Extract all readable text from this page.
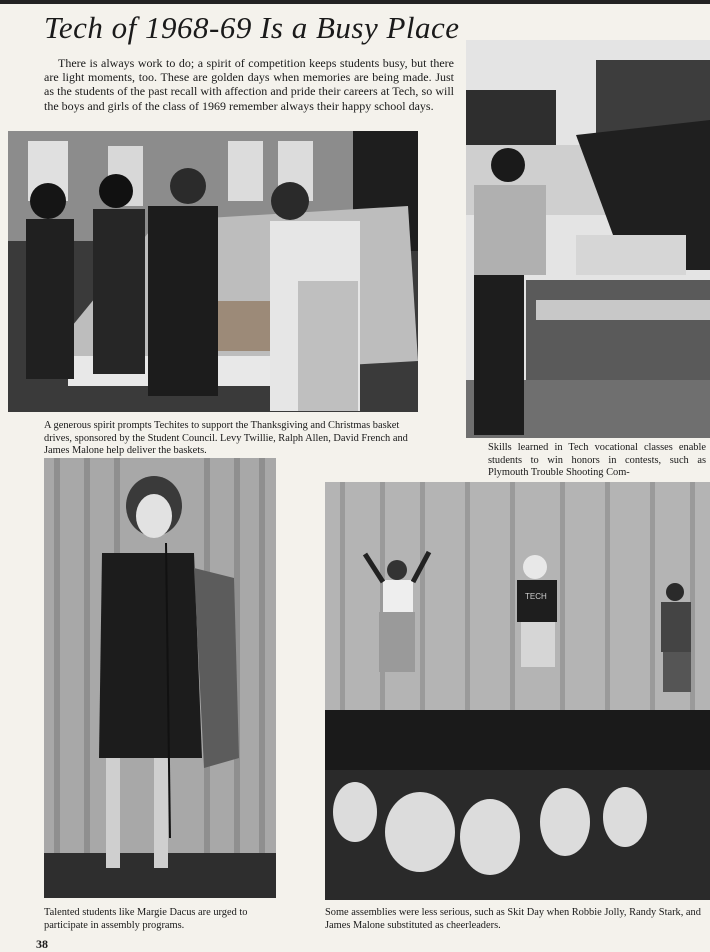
Tech of 1968-69 Is a Busy Place
There is always work to do; a spirit of competition keeps students busy, but there are light moments, too. These are golden days when memories are being made. Just as the students of the past recall with affection and pride their careers at Tech, so will the boys and girls of the class of 1969 remember always their happy school days.
TECH
A generous spirit prompts Techites to support the Thanksgiving and Christmas basket drives, sponsored by the Student Council. Levy Twillie, Ralph Allen, David French and James Malone help deliver the baskets.	Skills learned in Tech vocational classes enable students to win honors in contests, such as Plymouth Trouble Shooting Com-
Talented students like Margie Dacus are urged to participate in assembly programs.
Some assemblies were less serious, such as Skit Day when Robbie Jolly, Randy Stark, and James Malone substituted as cheerleaders.
38
